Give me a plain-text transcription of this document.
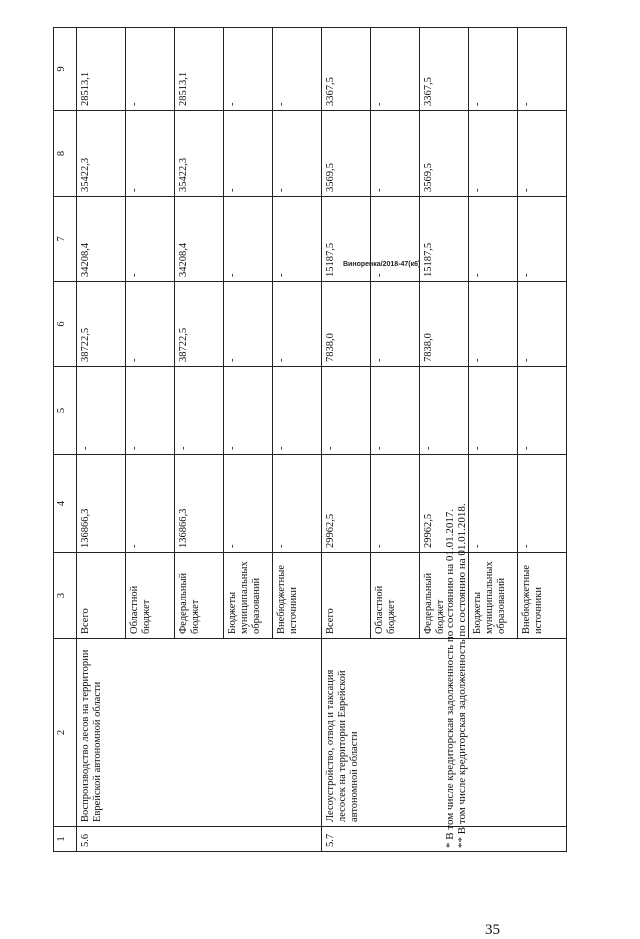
35
1	2	3	4	5	6	7	8	9
5.6	Воспроизводство лесов на территории Еврейской автономной области	Всего	136866,3	-	38722,5	34208,4	35422,3	28513,1
		Областной бюджет	-	-	-	-	-	-
		Федеральный бюджет	136866,3	-	38722,5	34208,4	35422,3	28513,1
		Бюджеты муниципальных образований	-	-	-	-	-	-
		Внебюджетные источники	-	-	-	-	-	-
5.7	Лесоустройство, отвод и таксация лесосек на территории Еврейской автономной области	Всего	29962,5	-	7838,0	15187,5	3569,5	3367,5
		Областной бюджет	-	-	-	-	-	-
		Федеральный бюджет	29962,5	-	7838,0	15187,5	3569,5	3367,5
		Бюджеты муниципальных образований	-	-	-	-	-	-
		Внебюджетные источники	-	-	-	-	-	-
* В том числе кредиторская задолженность по состоянию на 01.01.2017. ** В том числе кредиторская задолженность по состоянию на 01.01.2018.
Виноренка/2018-47(к6)
